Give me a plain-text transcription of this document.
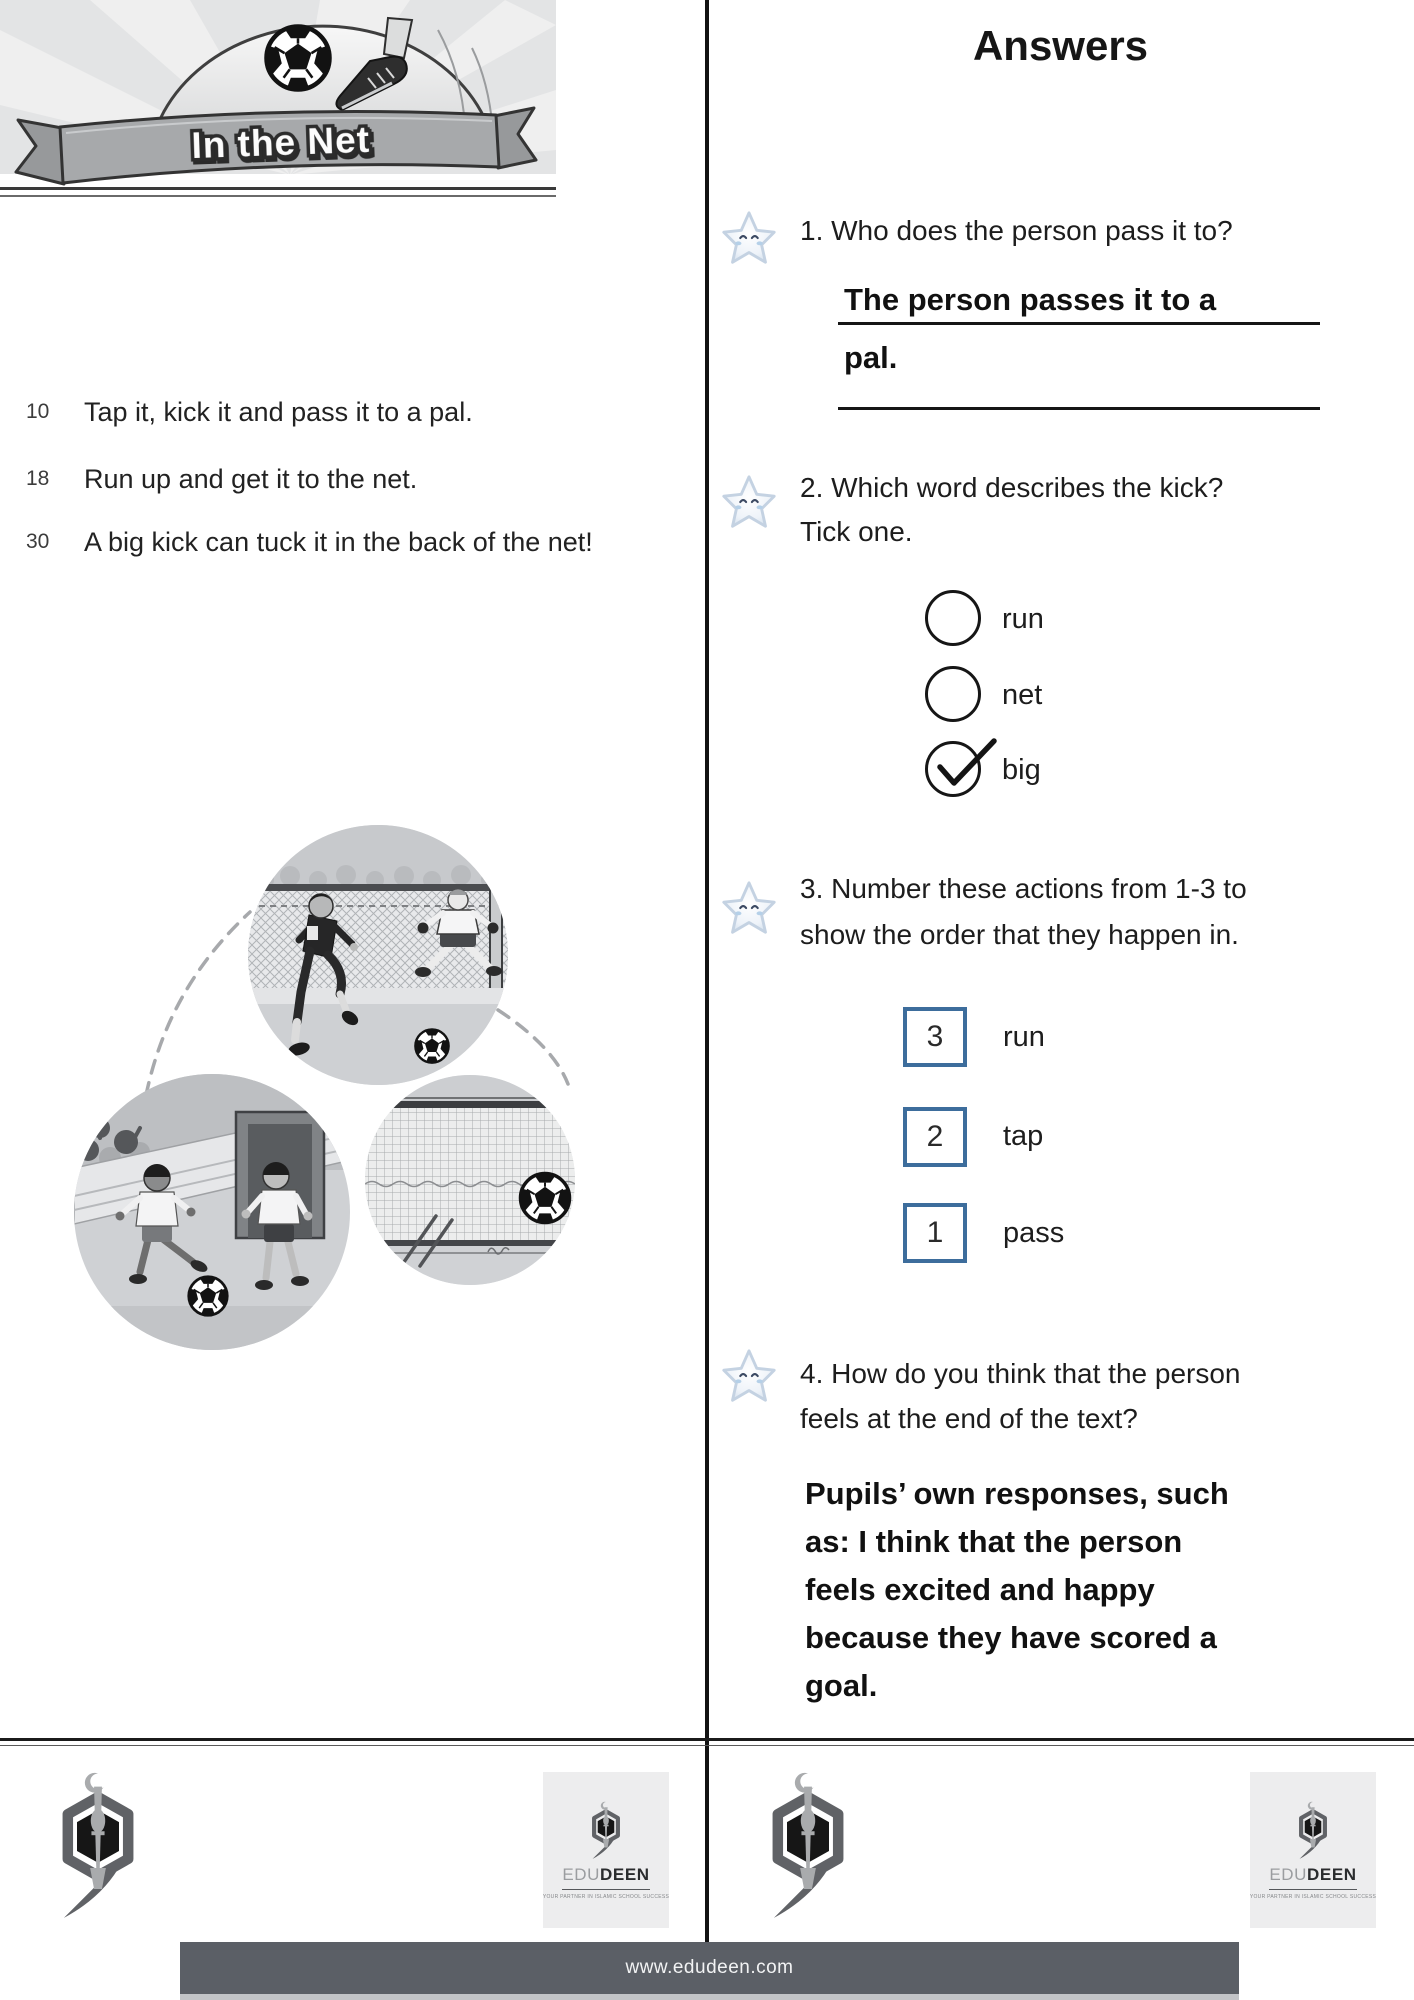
In the Net
10	Tap it, kick it and pass it to a pal.
18	Run up and get it to the net.
30	A big kick can tuck it in the back of the net!
Answers
1. Who does the person pass it to?
The person passes it to a
pal.
2. Which word describes the kick?
Tick one.
run
net
big
3. Number these actions from 1-3 to
show the order that they happen in.
3 run
2 tap
1 pass
4. How do you think that the person
feels at the end of the text?
Pupils’ own responses, such
as: I think that the person
feels excited and happy
because they have scored a
goal.
EDUDEEN
YOUR PARTNER IN ISLAMIC SCHOOL SUCCESS
EDUDEEN
YOUR PARTNER IN ISLAMIC SCHOOL SUCCESS
www.edudeen.com
